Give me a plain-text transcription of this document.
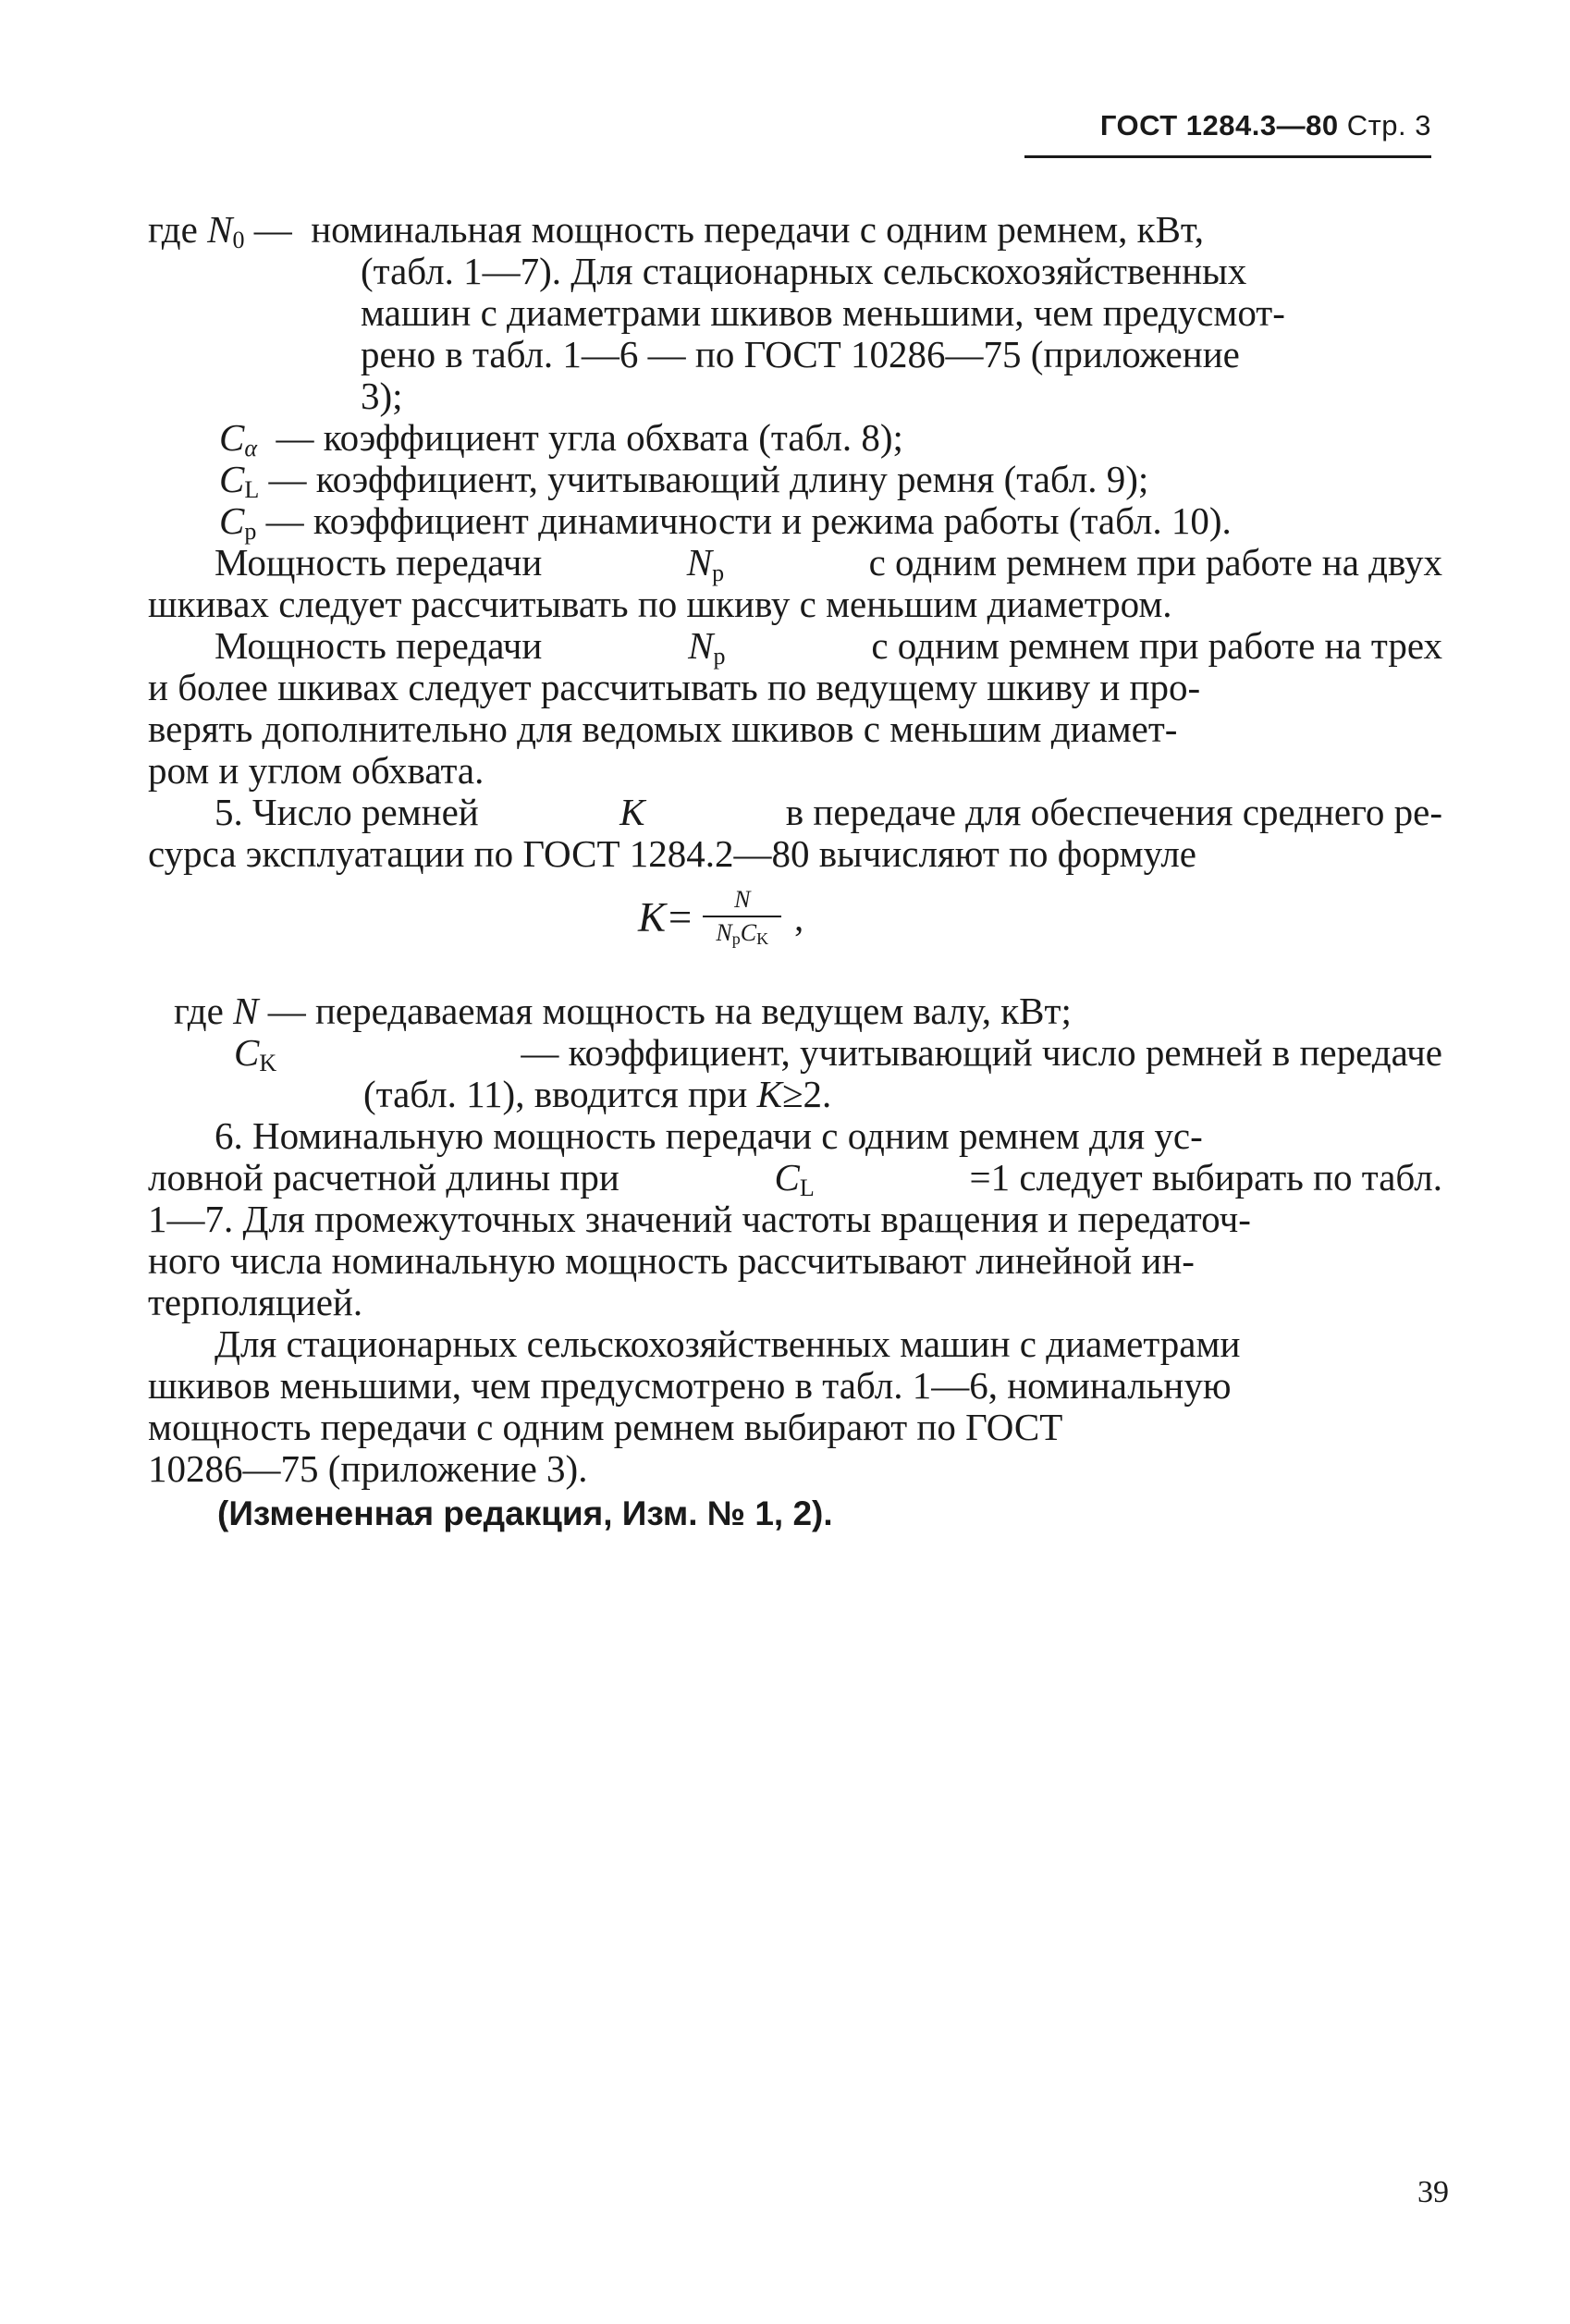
ГОСТ 1284.3—80 Стр. 3
где
$N_0$
—
номинальная мощность передачи с одним ремнем, кВт,
(табл. 1—7). Для стационарных сельскохозяйственных
машин с диаметрами шкивов меньшими, чем предусмот-
рено в табл. 1—6 — по ГОСТ 10286—75 (приложение
3);
$C_\alpha$
— коэффициент угла обхвата (табл. 8);
$C_L$
— коэффициент, учитывающий длину ремня (табл. 9);
$C_p$
— коэффициент динамичности и режима работы (табл. 10).
Мощность передачи	$N_p$	с одним ремнем при работе на двух
шкивах следует рассчитывать по шкиву с меньшим диаметром.
Мощность передачи	$N_p$	с одним ремнем при работе на трех
и более шкивах следует рассчитывать по ведущему шкиву и про-
верять дополнительно для ведомых шкивов с меньшим диамет-
ром и углом обхвата.
5. Число ремней	K	в передаче для обеспечения среднего ре-
сурса эксплуатации по ГОСТ 1284.2—80 вычисляют по формуле
$K= \frac{N}{N_pC_K}$ ,
где
N
— передаваемая мощность на ведущем валу, кВт;
$C_K$	— коэффициент, учитывающий число ремней в передаче
(табл. 11), вводится при
K ≥2.
6. Номинальную мощность передачи с одним ремнем для ус-
ловной расчетной длины при	$C_L$	=1 следует выбирать по табл.
1—7. Для промежуточных значений частоты вращения и передаточ-
ного числа номинальную мощность рассчитывают линейной ин-
терполяцией.
Для стационарных сельскохозяйственных машин с диаметрами
шкивов меньшими, чем предусмотрено в табл. 1—6, номинальную
мощность передачи с одним ремнем выбирают по ГОСТ
10286—75 (приложение 3).
(Измененная редакция, Изм. № 1, 2).
39
